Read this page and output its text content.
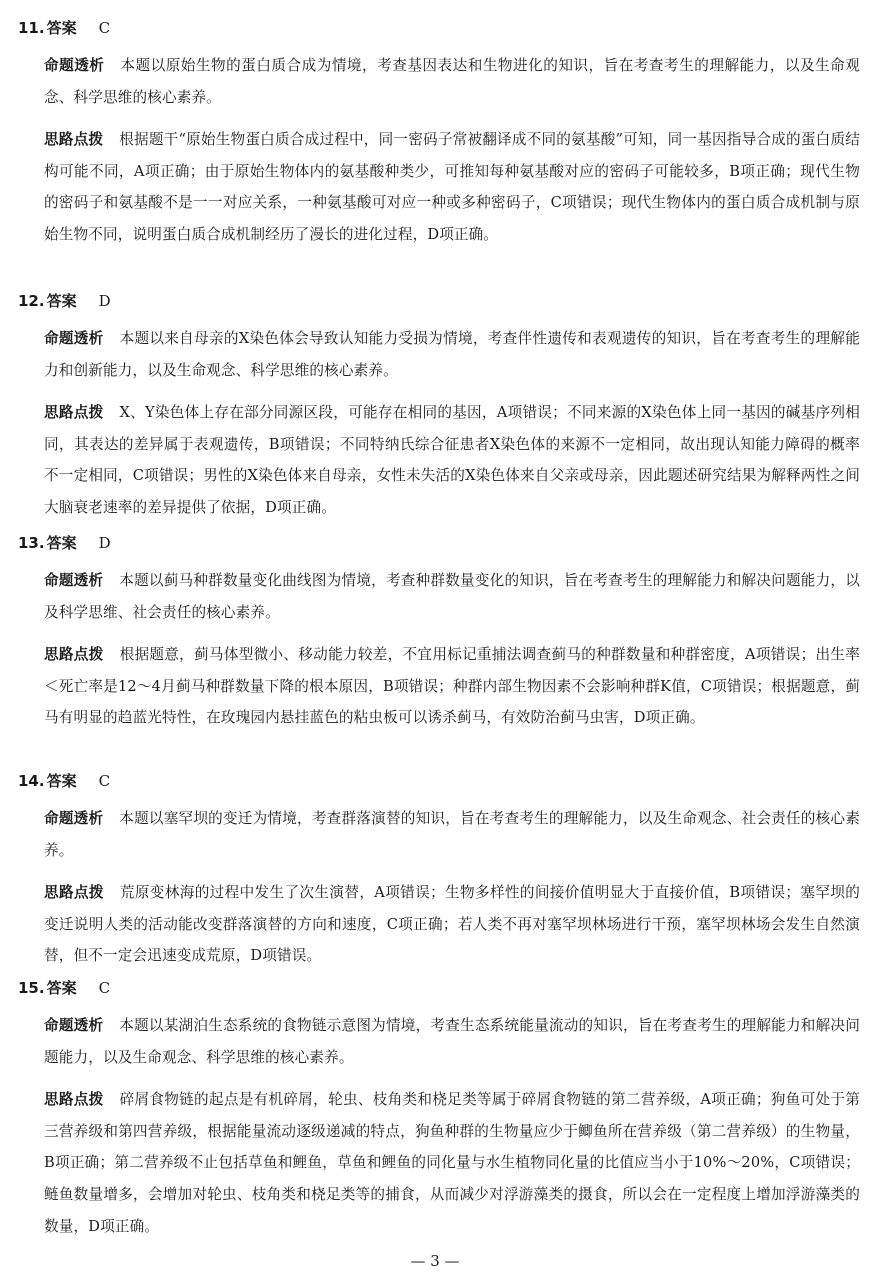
11. 答案 C
命题透析 本题以原始生物的蛋白质合成为情境，考查基因表达和生物进化的知识，旨在考查考生的理解能力，以及生命观念、科学思维的核心素养。
思路点拨 根据题干“原始生物蛋白质合成过程中，同一密码子常被翻译成不同的氨基酸”可知，同一基因指导合成的蛋白质结构可能不同，A项正确；由于原始生物体内的氨基酸种类少，可推知每种氨基酸对应的密码子可能较多，B项正确；现代生物的密码子和氨基酸不是一一对应关系，一种氨基酸可对应一种或多种密码子，C项错误；现代生物体内的蛋白质合成机制与原始生物不同，说明蛋白质合成机制经历了漫长的进化过程，D项正确。
12. 答案 D
命题透析 本题以来自母亲的X染色体会导致认知能力受损为情境，考查伴性遗传和表观遗传的知识，旨在考查考生的理解能力和创新能力，以及生命观念、科学思维的核心素养。
思路点拨 X、Y染色体上存在部分同源区段，可能存在相同的基因，A项错误；不同来源的X染色体上同一基因的碱基序列相同，其表达的差异属于表观遗传，B项错误；不同特纳氏综合征患者X染色体的来源不一定相同，故出现认知能力障碍的概率不一定相同，C项错误；男性的X染色体来自母亲，女性未失活的X染色体来自父亲或母亲，因此题述研究结果为解释两性之间大脑衰老速率的差异提供了依据，D项正确。
13. 答案 D
命题透析 本题以蓟马种群数量变化曲线图为情境，考查种群数量变化的知识，旨在考查考生的理解能力和解决问题能力，以及科学思维、社会责任的核心素养。
思路点拨 根据题意，蓟马体型微小、移动能力较差，不宜用标记重捕法调查蓟马的种群数量和种群密度，A项错误；出生率＜死亡率是12～4月蓟马种群数量下降的根本原因，B项错误；种群内部生物因素不会影响种群K值，C项错误；根据题意，蓟马有明显的趋蓝光特性，在玫瑰园内悬挂蓝色的粘虫板可以诱杀蓟马，有效防治蓟马虫害，D项正确。
14. 答案 C
命题透析 本题以塞罕坝的变迁为情境，考查群落演替的知识，旨在考查考生的理解能力，以及生命观念、社会责任的核心素养。
思路点拨 荒原变林海的过程中发生了次生演替，A项错误；生物多样性的间接价值明显大于直接价值，B项错误；塞罕坝的变迁说明人类的活动能改变群落演替的方向和速度，C项正确；若人类不再对塞罕坝林场进行干预，塞罕坝林场会发生自然演替，但不一定会迅速变成荒原，D项错误。
15. 答案 C
命题透析 本题以某湖泊生态系统的食物链示意图为情境，考查生态系统能量流动的知识，旨在考查考生的理解能力和解决问题能力，以及生命观念、科学思维的核心素养。
思路点拨 碎屑食物链的起点是有机碎屑，轮虫、枝角类和桡足类等属于碎屑食物链的第二营养级，A项正确；狗鱼可处于第三营养级和第四营养级，根据能量流动逐级递减的特点，狗鱼种群的生物量应少于鲫鱼所在营养级（第二营养级）的生物量，B项正确；第二营养级不止包括草鱼和鲤鱼，草鱼和鲤鱼的同化量与水生植物同化量的比值应当小于10%～20%，C项错误；鲢鱼数量增多，会增加对轮虫、枝角类和桡足类等的捕食，从而减少对浮游藻类的摄食，所以会在一定程度上增加浮游藻类的数量，D项正确。
— 3 —
